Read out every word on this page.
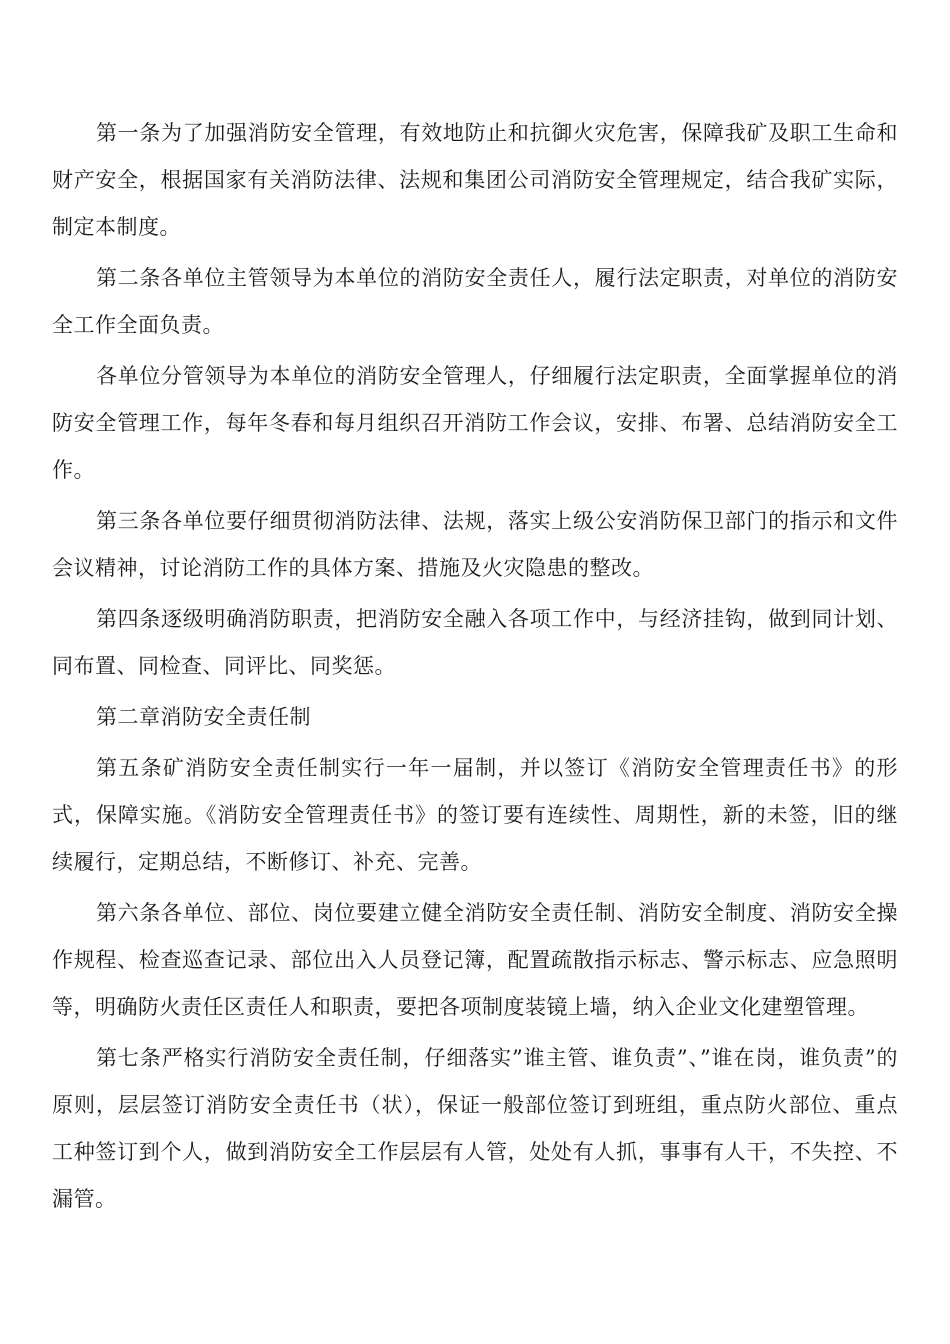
第一条为了加强消防安全管理，有效地防止和抗御火灾危害，保障我矿及职工生命和财产安全，根据国家有关消防法律、法规和集团公司消防安全管理规定，结合我矿实际，制定本制度。

第二条各单位主管领导为本单位的消防安全责任人，履行法定职责，对单位的消防安全工作全面负责。

各单位分管领导为本单位的消防安全管理人，仔细履行法定职责，全面掌握单位的消防安全管理工作，每年冬春和每月组织召开消防工作会议，安排、布署、总结消防安全工作。

第三条各单位要仔细贯彻消防法律、法规，落实上级公安消防保卫部门的指示和文件会议精神，讨论消防工作的具体方案、措施及火灾隐患的整改。

第四条逐级明确消防职责，把消防安全融入各项工作中，与经济挂钩，做到同计划、同布置、同检查、同评比、同奖惩。

第二章消防安全责任制

第五条矿消防安全责任制实行一年一届制，并以签订《消防安全管理责任书》的形式，保障实施。《消防安全管理责任书》的签订要有连续性、周期性，新的未签，旧的继续履行，定期总结，不断修订、补充、完善。

第六条各单位、部位、岗位要建立健全消防安全责任制、消防安全制度、消防安全操作规程、检查巡查记录、部位出入人员登记簿，配置疏散指示标志、警示标志、应急照明等，明确防火责任区责任人和职责，要把各项制度装镜上墙，纳入企业文化建塑管理。

第七条严格实行消防安全责任制，仔细落实”谁主管、谁负责”、”谁在岗，谁负责”的原则，层层签订消防安全责任书（状），保证一般部位签订到班组，重点防火部位、重点工种签订到个人，做到消防安全工作层层有人管，处处有人抓，事事有人干，不失控、不漏管。
